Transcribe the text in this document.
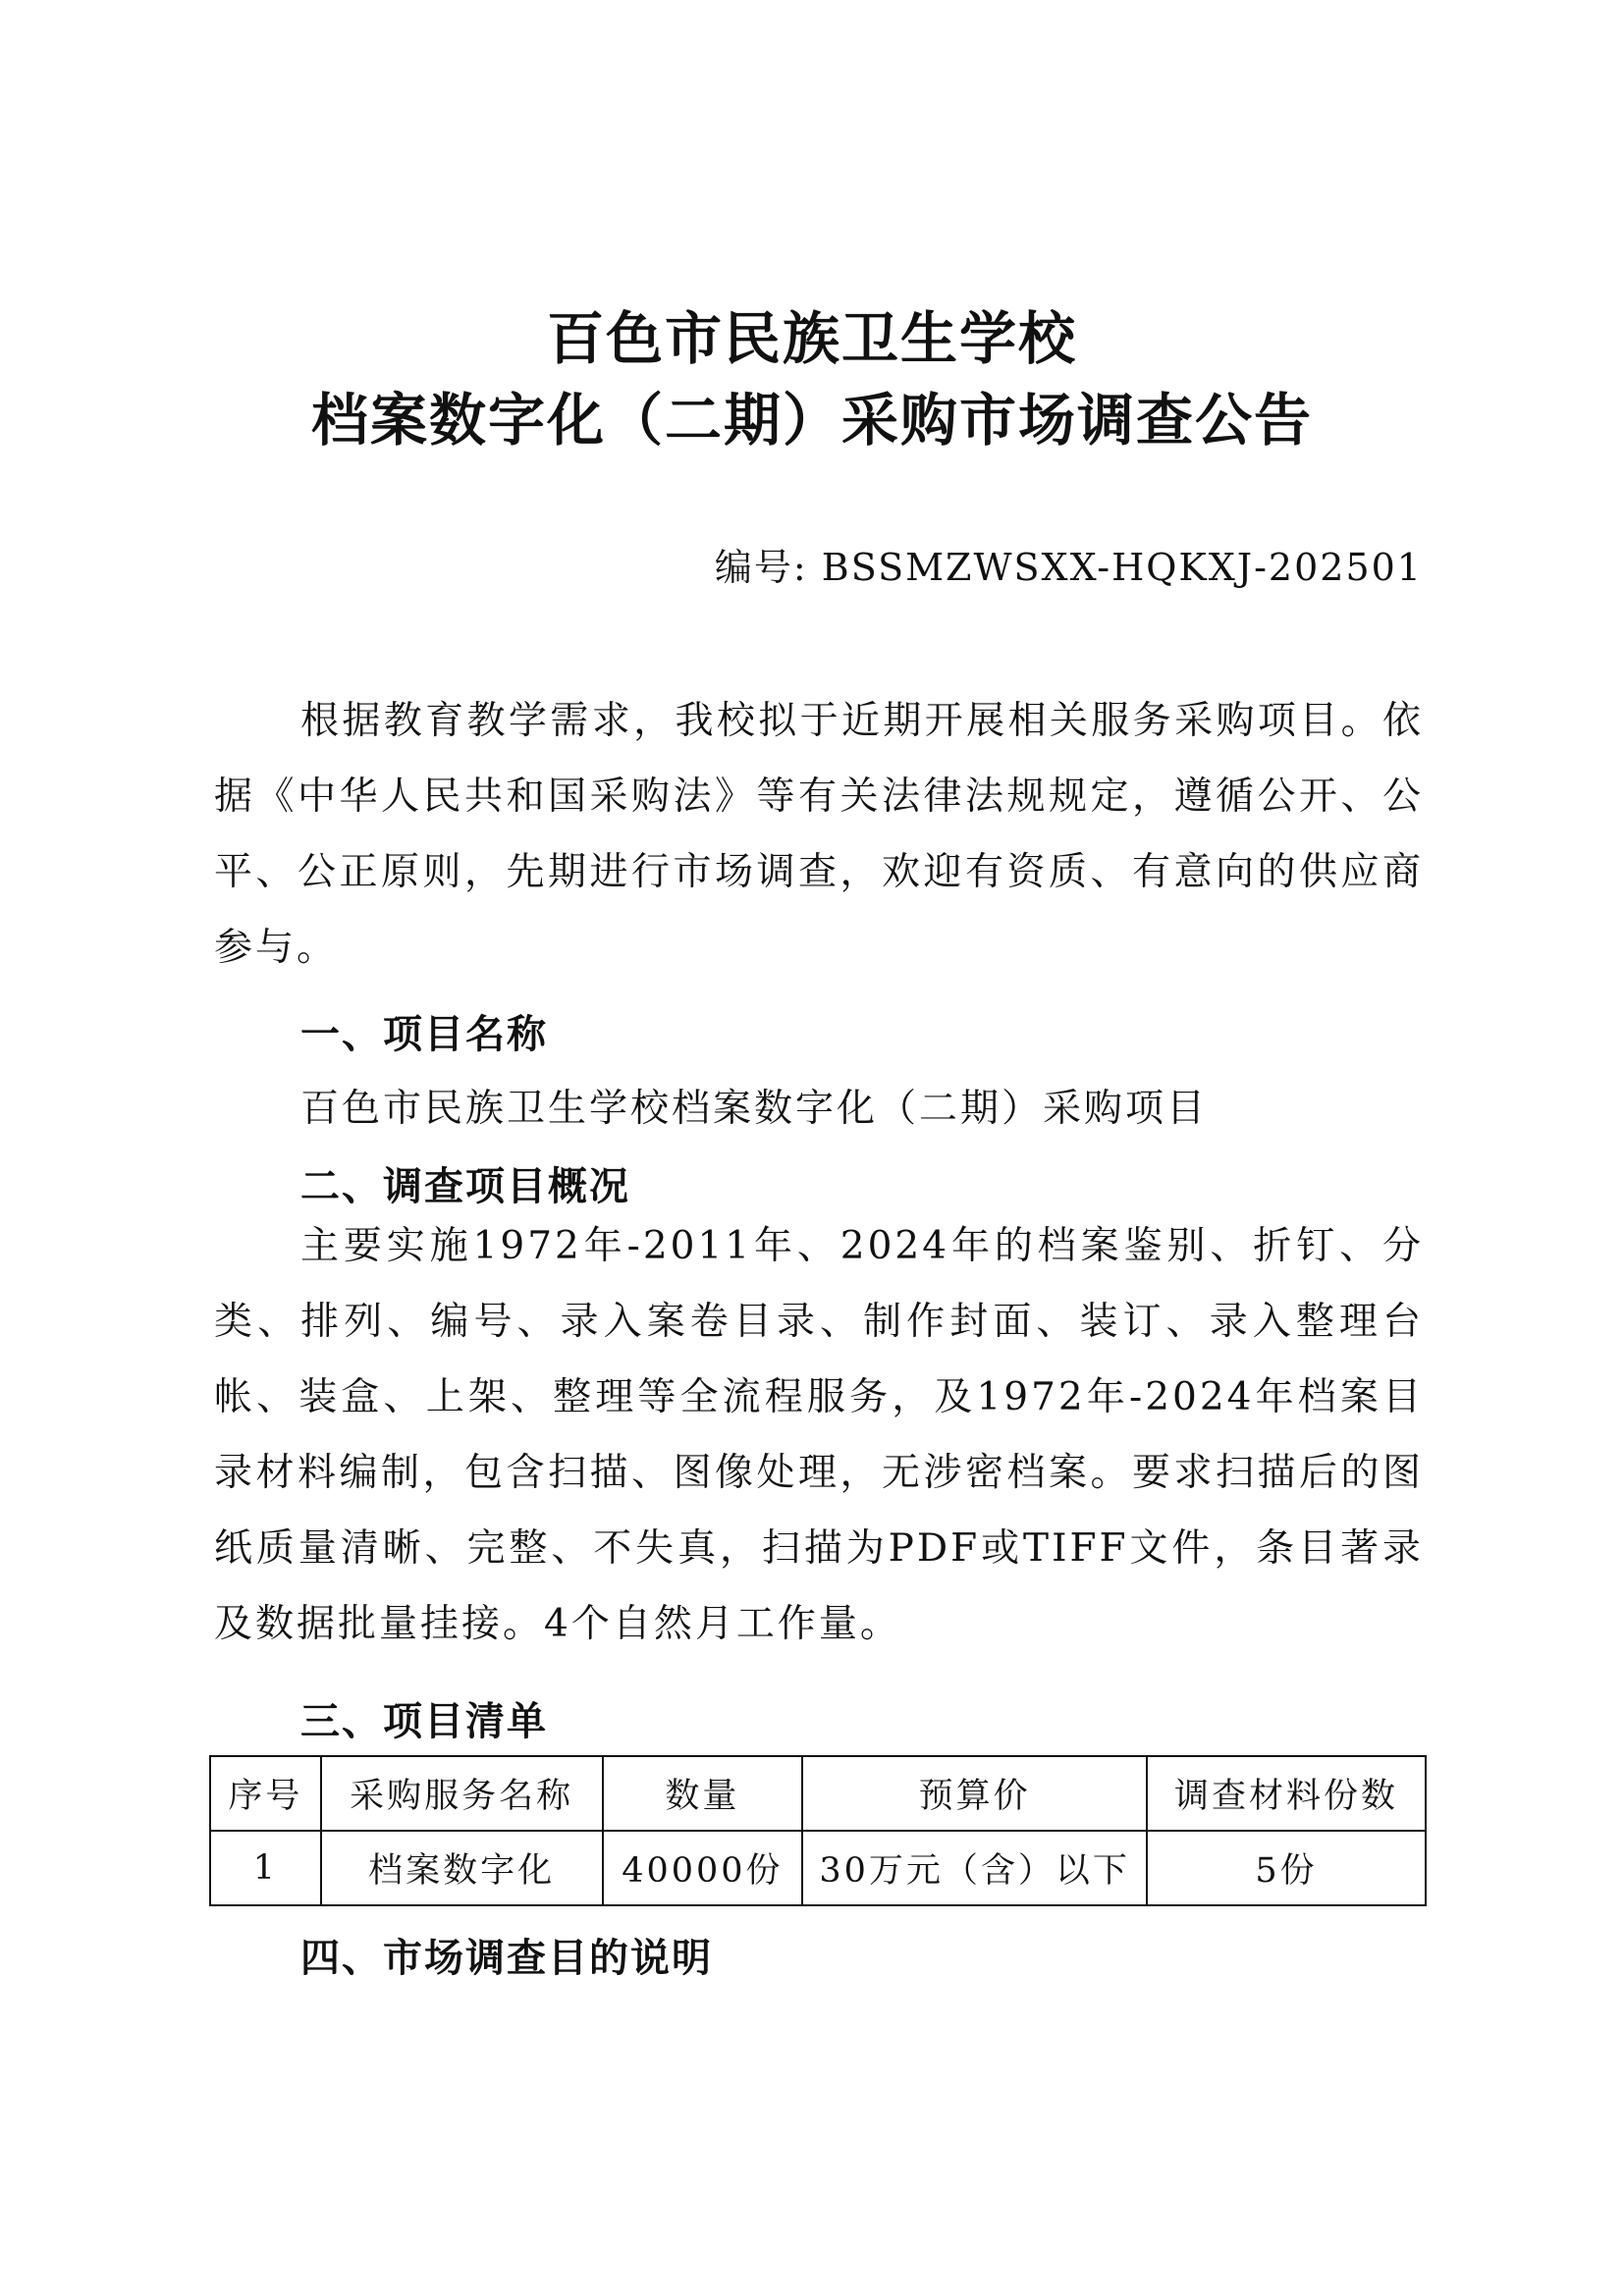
百色市民族卫生学校
档案数字化（二期）采购市场调查公告
编号: BSSMZWSXX-HQKXJ-202501
根据教育教学需求，我校拟于近期开展相关服务采购项目。依据《中华人民共和国采购法》等有关法律法规规定，遵循公开、公平、公正原则，先期进行市场调查，欢迎有资质、有意向的供应商参与。
一、项目名称
百色市民族卫生学校档案数字化（二期）采购项目
二、调查项目概况
主要实施1972年-2011年、2024年的档案鉴别、折钉、分类、排列、编号、录入案卷目录、制作封面、装订、录入整理台帐、装盒、上架、整理等全流程服务，及1972年-2024年档案目录材料编制，包含扫描、图像处理，无涉密档案。要求扫描后的图纸质量清晰、完整、不失真，扫描为PDF或TIFF文件，条目著录及数据批量挂接。4个自然月工作量。
三、项目清单
序号	采购服务名称	数量	预算价	调查材料份数
1	档案数字化	40000份	30万元（含）以下	5份
四、市场调查目的说明
